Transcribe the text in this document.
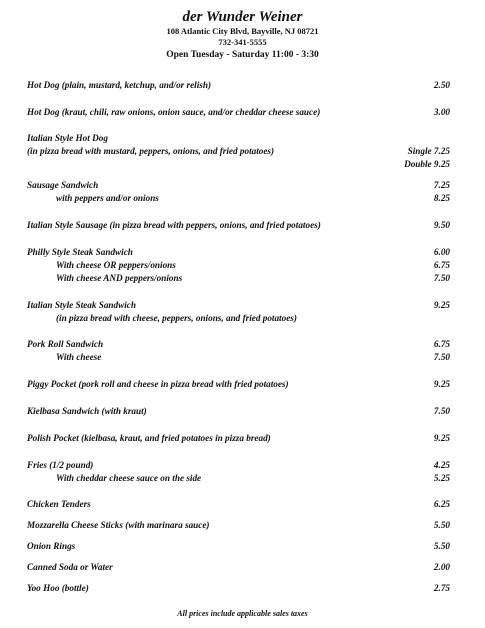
der Wunder Weiner
108 Atlantic City Blvd, Bayville, NJ 08721
732-341-5555
Open Tuesday - Saturday 11:00 - 3:30
Hot Dog (plain, mustard, ketchup, and/or relish)	2.50
Hot Dog (kraut, chili, raw onions, onion sauce, and/or cheddar cheese sauce)	3.00
Italian Style Hot Dog
(in pizza bread with mustard, peppers, onions, and fried potatoes)	Single 7.25
Double 9.25
Sausage Sandwich	7.25
with peppers and/or onions	8.25
Italian Style Sausage (in pizza bread with peppers, onions, and fried potatoes)	9.50
Philly Style Steak Sandwich	6.00
With cheese OR peppers/onions	6.75
With cheese AND peppers/onions	7.50
Italian Style Steak Sandwich	9.25
(in pizza bread with cheese, peppers, onions, and fried potatoes)
Pork Roll Sandwich	6.75
With cheese	7.50
Piggy Pocket (pork roll and cheese in pizza bread with fried potatoes)	9.25
Kielbasa Sandwich (with kraut)	7.50
Polish Pocket (kielbasa, kraut, and fried potatoes in pizza bread)	9.25
Fries (1/2 pound)	4.25
With cheddar cheese sauce on the side	5.25
Chicken Tenders	6.25
Mozzarella Cheese Sticks (with marinara sauce)	5.50
Onion Rings	5.50
Canned Soda or Water	2.00
Yoo Hoo (bottle)	2.75
All prices include applicable sales taxes
